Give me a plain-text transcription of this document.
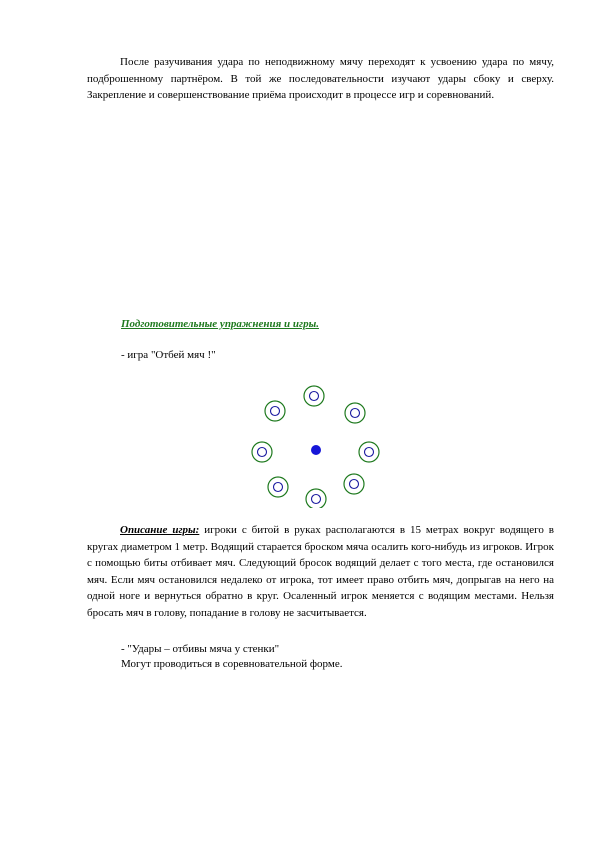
После разучивания удара по неподвижному мячу переходят к усвоению удара по мячу, подброшенному партнёром. В той же последовательности изучают удары сбоку и сверху. Закрепление и совершенствование приёма происходит в процессе игр и соревнований.

Подготовительные упражнения и игры.

- игра "Отбей мяч !"

Описание игры: игроки с битой в руках располагаются в 15 метрах вокруг водящего в кругах диаметром 1 метр. Водящий старается броском мяча осалить кого-нибудь из игроков. Игрок с помощью биты отбивает мяч. Следующий бросок водящий делает с того места, где остановился мяч. Если мяч остановился недалеко от игрока, тот имеет право отбить мяч, допрыгав на него на одной ноге и вернуться обратно в круг. Осаленный игрок меняется с водящим местами. Нельзя бросать мяч в голову, попадание в голову не засчитывается.

- "Удары – отбивы мяча у стенки"

Могут проводиться в соревновательной форме.
